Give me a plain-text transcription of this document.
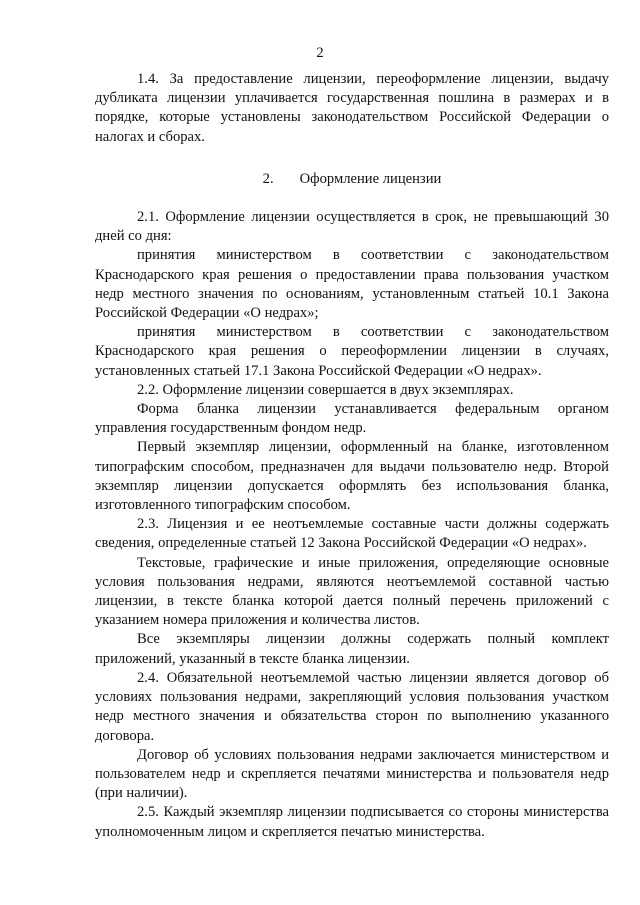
2

1.4. За предоставление лицензии, переоформление лицензии, выдачу дубликата лицензии уплачивается государственная пошлина в размерах и в порядке, которые установлены законодательством Российской Федерации о налогах и сборах.

2. Оформление лицензии

2.1. Оформление лицензии осуществляется в срок, не превышающий 30 дней со дня:

принятия министерством в соответствии с законодательством Краснодарского края решения о предоставлении права пользования участком недр местного значения по основаниям, установленным статьей 10.1 Закона Российской Федерации «О недрах»;

принятия министерством в соответствии с законодательством Краснодарского края решения о переоформлении лицензии в случаях, установленных статьей 17.1 Закона Российской Федерации «О недрах».

2.2. Оформление лицензии совершается в двух экземплярах.

Форма бланка лицензии устанавливается федеральным органом управления государственным фондом недр.

Первый экземпляр лицензии, оформленный на бланке, изготовленном типографским способом, предназначен для выдачи пользователю недр. Второй экземпляр лицензии допускается оформлять без использования бланка, изготовленного типографским способом.

2.3. Лицензия и ее неотъемлемые составные части должны содержать сведения, определенные статьей 12 Закона Российской Федерации «О недрах».

Текстовые, графические и иные приложения, определяющие основные условия пользования недрами, являются неотъемлемой составной частью лицензии, в тексте бланка которой дается полный перечень приложений с указанием номера приложения и количества листов.

Все экземпляры лицензии должны содержать полный комплект приложений, указанный в тексте бланка лицензии.

2.4. Обязательной неотъемлемой частью лицензии является договор об условиях пользования недрами, закрепляющий условия пользования участком недр местного значения и обязательства сторон по выполнению указанного договора.

Договор об условиях пользования недрами заключается министерством и пользователем недр и скрепляется печатями министерства и пользователя недр (при наличии).

2.5. Каждый экземпляр лицензии подписывается со стороны министерства уполномоченным лицом и скрепляется печатью министерства.
